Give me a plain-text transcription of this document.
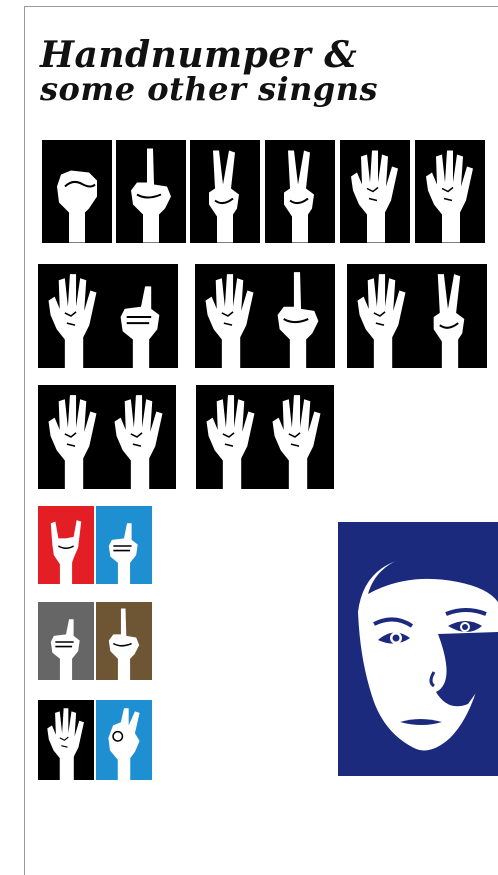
Handnumper &
some other singns
